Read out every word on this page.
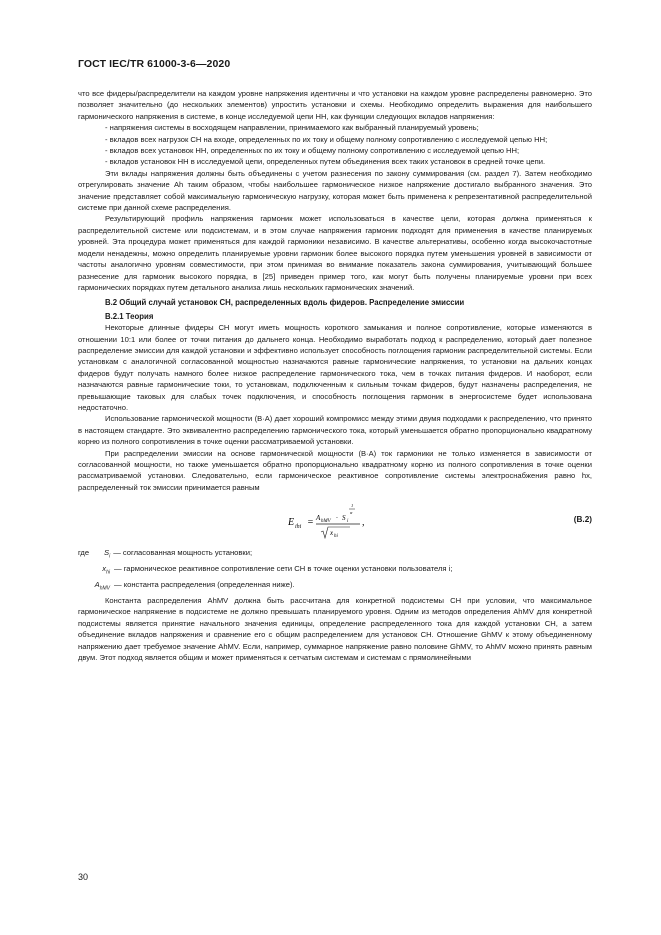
ГОСТ IEC/TR 61000-3-6—2020

что все фидеры/распределители на каждом уровне напряжения идентичны и что установки на каждом уровне распределены равномерно. Это позволяет значительно (до нескольких элементов) упростить установки и схемы. Необходимо определить выражения для наибольшего гармонического напряжения в системе, в конце исследуемой цепи НН, как функции следующих вкладов напряжения:

- напряжения системы в восходящем направлении, принимаемого как выбранный планируемый уровень;

- вкладов всех нагрузок СН на входе, определенных по их току и общему полному сопротивлению с исследуемой цепью НН;

- вкладов всех установок НН, определенных по их току и общему полному сопротивлению с исследуемой цепью НН;

- вкладов установок НН в исследуемой цепи, определенных путем объединения всех таких установок в средней точке цепи.

Эти вклады напряжения должны быть объединены с учетом разнесения по закону суммирования (см. раздел 7). Затем необходимо отрегулировать значение Ah таким образом, чтобы наибольшее гармоническое низкое напряжение достигало выбранного значения. Это значение представляет собой максимальную гармоническую нагрузку, которая может быть применена к репрезентативной распределительной системе при данной схеме распределения.

Результирующий профиль напряжения гармоник может использоваться в качестве цели, которая должна применяться к распределительной системе или подсистемам, и в этом случае напряжения гармоник подходят для применения в качестве планируемых уровней. Эта процедура может применяться для каждой гармоники независимо. В качестве альтернативы, особенно когда высокочастотные модели ненадежны, можно определить планируемые уровни гармоник более высокого порядка путем уменьшения уровней в зависимости от частоты аналогично уровням совместимости, при этом принимая во внимание показатель закона суммирования, учитывающий большее разнесение для гармоник высокого порядка, в [25] приведен пример того, как могут быть получены планируемые уровни при всех гармонических порядках путем детального анализа лишь нескольких гармонических значений.

В.2 Общий случай установок СН, распределенных вдоль фидеров. Распределение эмиссии
В.2.1 Теория

Некоторые длинные фидеры СН могут иметь мощность короткого замыкания и полное сопротивление, которые изменяются в отношении 10:1 или более от точки питания до дальнего конца. Необходимо выработать подход к распределению, который дает полезное распределение эмиссии для каждой установки и эффективно использует способность поглощения гармоник распределительной системы. Если установкам с аналогичной согласованной мощностью назначаются равные гармонические напряжения, то установки на дальних концах фидеров будут получать намного более низкое распределение гармонического тока, чем в точках питания фидеров. И наоборот, если назначаются равные гармонические токи, то установкам, подключенным к сильным точкам фидеров, будут назначены распределения, не превышающие таковых для слабых точек подключения, и способность поглощения гармоник в энергосистеме будет использована недостаточно.

Использование гармонической мощности (В·А) дает хороший компромисс между этими двумя подходами к распределению, что принято в настоящем стандарте. Это эквивалентно распределению гармонического тока, который уменьшается обратно пропорционально квадратному корню из полного сопротивления в точке оценки рассматриваемой установки.

При распределении эмиссии на основе гармонической мощности (В·А) ток гармоники не только изменяется в зависимости от согласованной мощности, но также уменьшается обратно пропорционально квадратному корню из полного сопротивления в точке оценки рассматриваемой установки. Следовательно, если гармоническое реактивное сопротивление системы электроснабжения равно hx, распределенный ток эмиссии принимается равным

E ihi = A hMV · S i
1
α
x hi
,	(B.2)
где	$S_i$ — согласованная мощность установки;
$x_{hi}$ — гармоническое реактивное сопротивление сети СН в точке оценки установки пользователя i;
$A_{hMV}$ — константа распределения (определенная ниже).

Константа распределения AhMV должна быть рассчитана для конкретной подсистемы СН при условии, что максимальное гармоническое напряжение в подсистеме не должно превышать планируемого уровня. Одним из методов определения AhMV для конкретной подсистемы является принятие начального значения единицы, определение распределенного тока для каждой установки СН, а затем объединение вкладов напряжения и сравнение его с общим распределением для установок СН. Отношение GhMV к этому объединенному напряжению дает требуемое значение AhMV. Если, например, суммарное напряжение равно половине GhMV, то AhMV можно принять равным двум. Этот подход является общим и может применяться к сетчатым системам и системам с прямолинейными

30
